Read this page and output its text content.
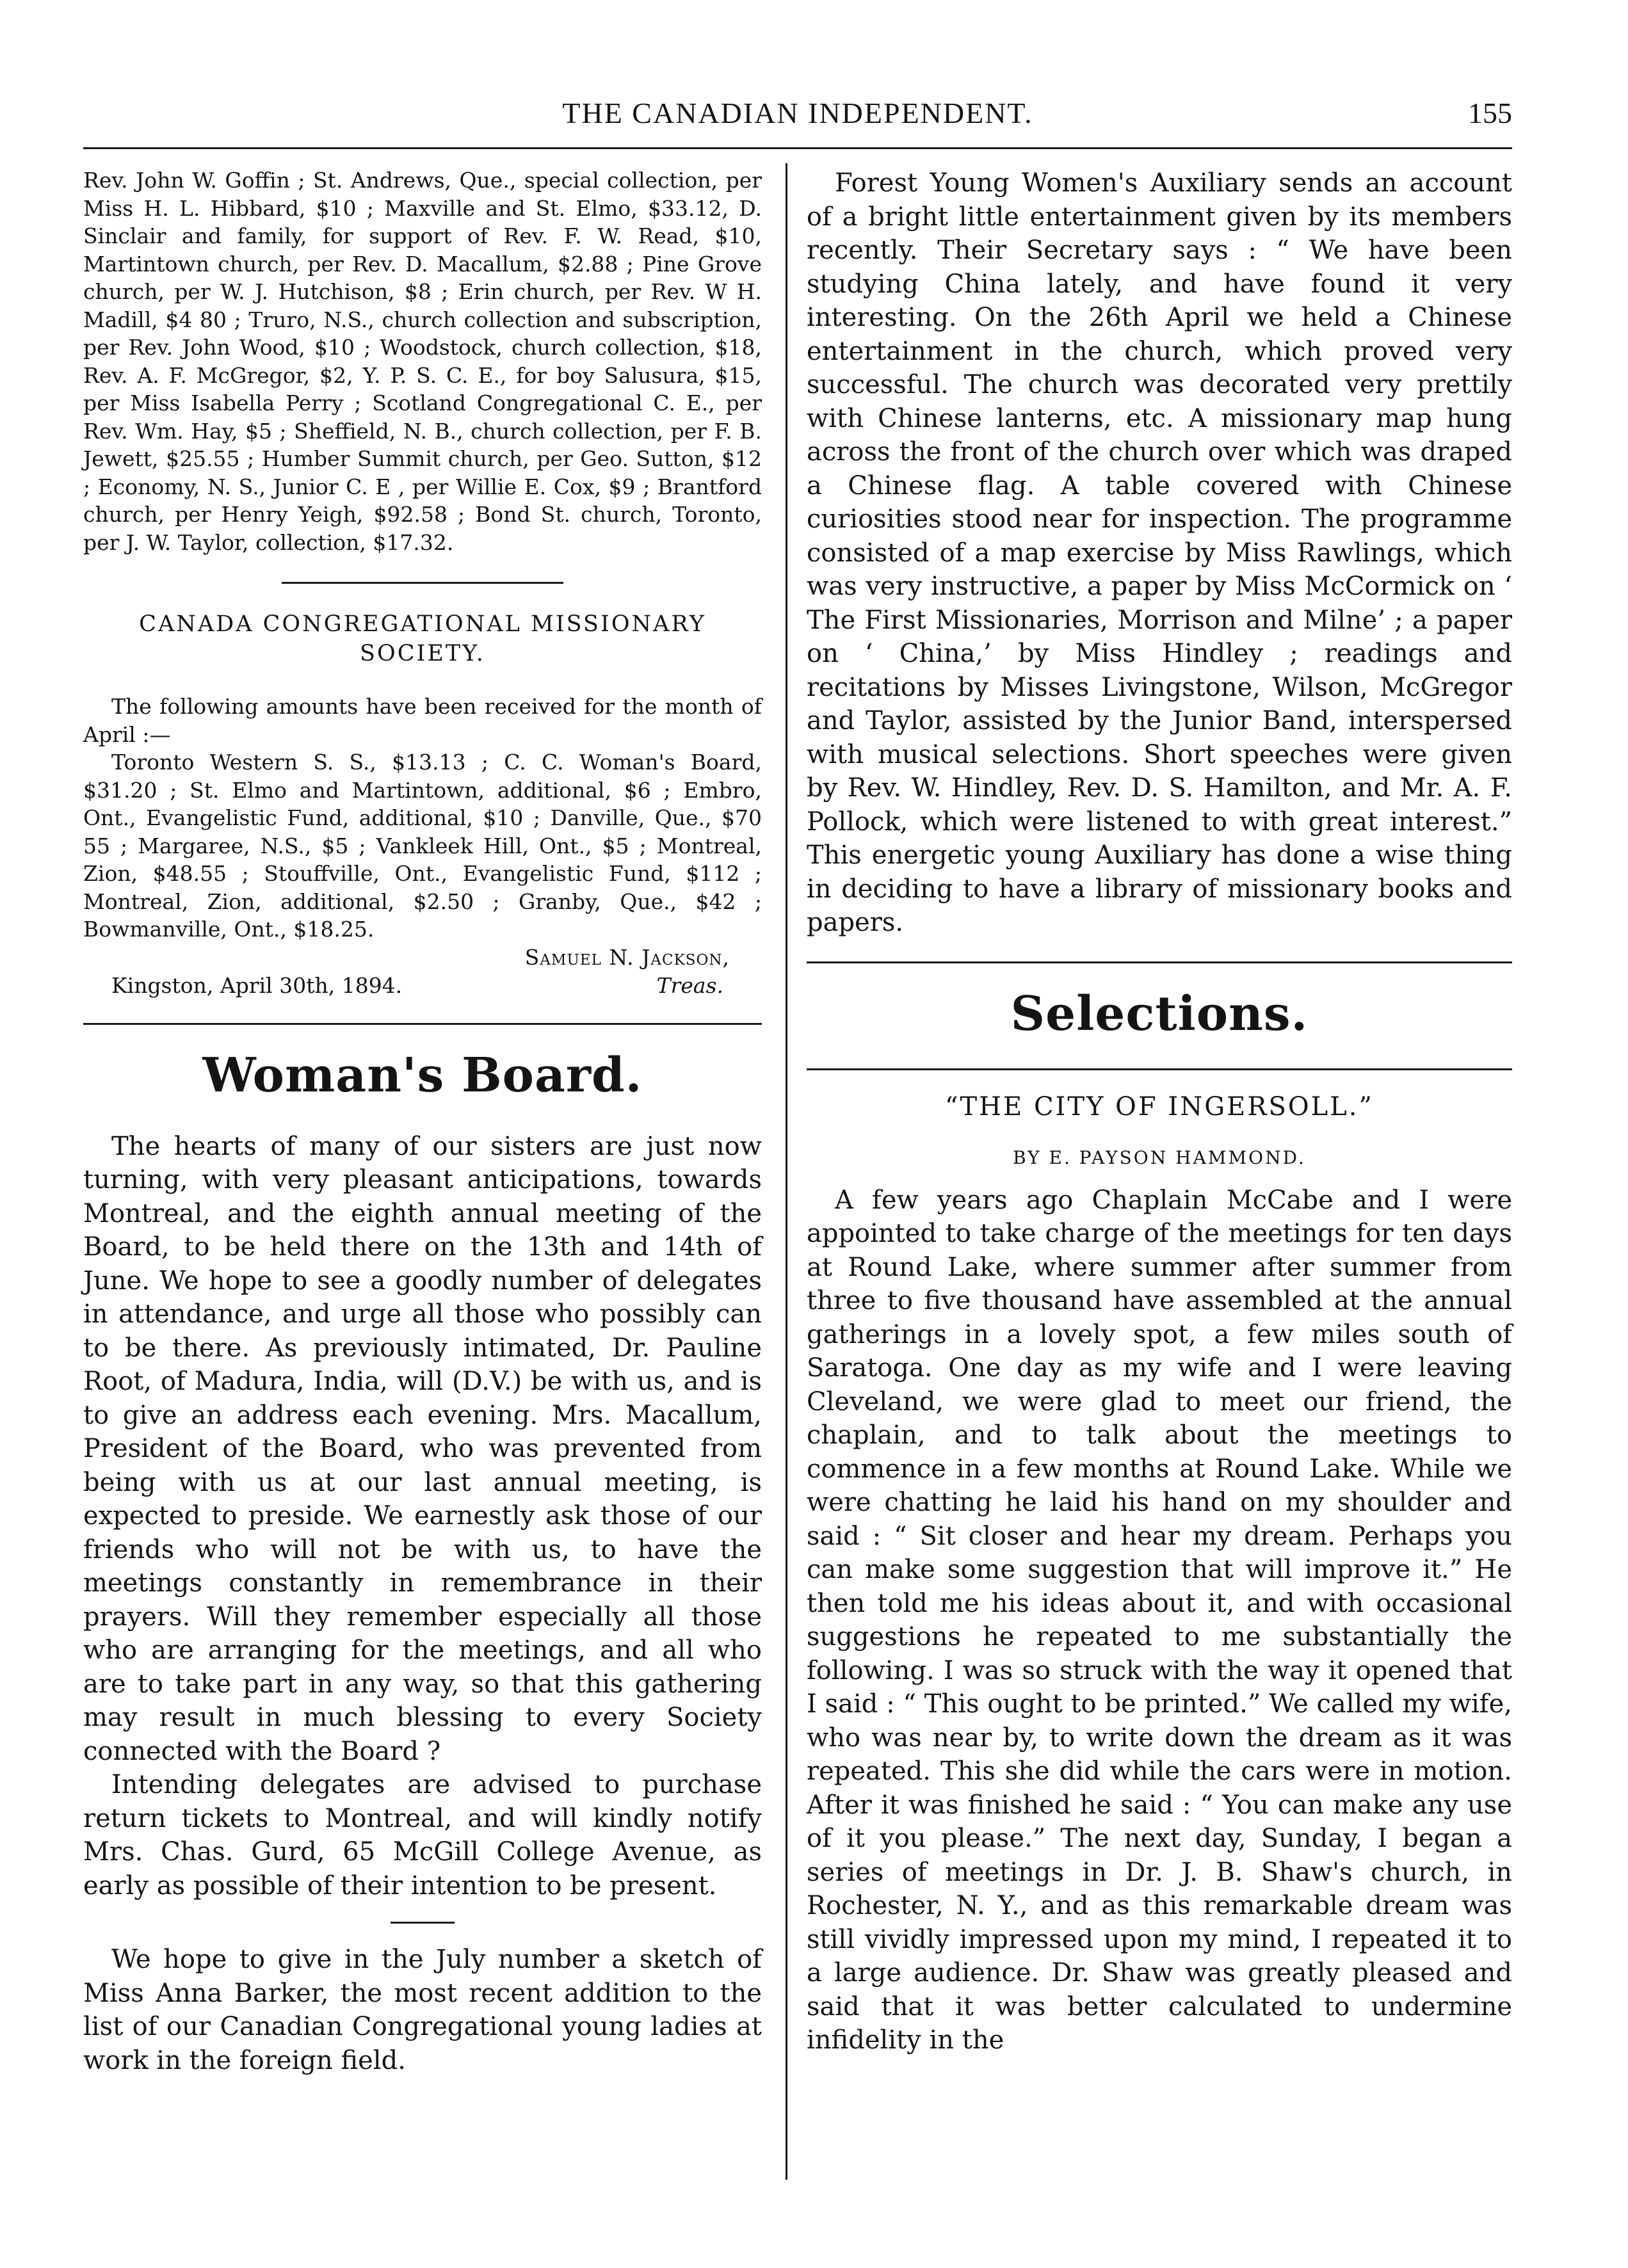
THE CANADIAN INDEPENDENT.	155

Rev. John W. Goffin ; St. Andrews, Que., special collection, per Miss H. L. Hibbard, $10 ; Maxville and St. Elmo, $33.12, D. Sinclair and family, for support of Rev. F. W. Read, $10, Martintown church, per Rev. D. Macallum, $2.88 ; Pine Grove church, per W. J. Hutchison, $8 ; Erin church, per Rev. W H. Madill, $4 80 ; Truro, N.S., church collection and subscription, per Rev. John Wood, $10 ; Woodstock, church collection, $18, Rev. A. F. McGregor, $2, Y. P. S. C. E., for boy Salusura, $15, per Miss Isabella Perry ; Scotland Congregational C. E., per Rev. Wm. Hay, $5 ; Sheffield, N. B., church collection, per F. B. Jewett, $25.55 ; Humber Summit church, per Geo. Sutton, $12 ; Economy, N. S., Junior C. E , per Willie E. Cox, $9 ; Brantford church, per Henry Yeigh, $92.58 ; Bond St. church, Toronto, per J. W. Taylor, collection, $17.32.

CANADA CONGREGATIONAL MISSIONARY
SOCIETY.

The following amounts have been received for the month of April :—

Toronto Western S. S., $13.13 ; C. C. Woman's Board, $31.20 ; St. Elmo and Martintown, additional, $6 ; Embro, Ont., Evangelistic Fund, additional, $10 ; Danville, Que., $70 55 ; Margaree, N.S., $5 ; Vankleek Hill, Ont., $5 ; Montreal, Zion, $48.55 ; Stouffville, Ont., Evangelistic Fund, $112 ; Montreal, Zion, additional, $2.50 ; Granby, Que., $42 ; Bowmanville, Ont., $18.25.

Samuel N. Jackson,
Kingston, April 30th, 1894.	Treas.
Woman's Board.

The hearts of many of our sisters are just now turning, with very pleasant anticipations, towards Montreal, and the eighth annual meeting of the Board, to be held there on the 13th and 14th of June. We hope to see a goodly number of delegates in attendance, and urge all those who possibly can to be there. As previously intimated, Dr. Pauline Root, of Madura, India, will (D.V.) be with us, and is to give an address each evening. Mrs. Macallum, President of the Board, who was prevented from being with us at our last annual meeting, is expected to preside. We earnestly ask those of our friends who will not be with us, to have the meetings constantly in remembrance in their prayers. Will they remember especially all those who are arranging for the meetings, and all who are to take part in any way, so that this gathering may result in much blessing to every Society connected with the Board ?

Intending delegates are advised to purchase return tickets to Montreal, and will kindly notify Mrs. Chas. Gurd, 65 McGill College Avenue, as early as possible of their intention to be present.

We hope to give in the July number a sketch of Miss Anna Barker, the most recent addition to the list of our Canadian Congregational young ladies at work in the foreign field.

Forest Young Women's Auxiliary sends an account of a bright little entertainment given by its members recently. Their Secretary says : “ We have been studying China lately, and have found it very interesting. On the 26th April we held a Chinese entertainment in the church, which proved very successful. The church was decorated very prettily with Chinese lanterns, etc. A missionary map hung across the front of the church over which was draped a Chinese flag. A table covered with Chinese curiosities stood near for inspection. The programme consisted of a map exercise by Miss Rawlings, which was very instructive, a paper by Miss McCormick on ‘ The First Missionaries, Morrison and Milne’ ; a paper on ‘ China,’ by Miss Hindley ; readings and recitations by Misses Livingstone, Wilson, McGregor and Taylor, assisted by the Junior Band, interspersed with musical selections. Short speeches were given by Rev. W. Hindley, Rev. D. S. Hamilton, and Mr. A. F. Pollock, which were listened to with great interest.” This energetic young Auxiliary has done a wise thing in deciding to have a library of missionary books and papers.

Selections.
“THE CITY OF INGERSOLL.”
BY E. PAYSON HAMMOND.

A few years ago Chaplain McCabe and I were appointed to take charge of the meetings for ten days at Round Lake, where summer after summer from three to five thousand have assembled at the annual gatherings in a lovely spot, a few miles south of Saratoga. One day as my wife and I were leaving Cleveland, we were glad to meet our friend, the chaplain, and to talk about the meetings to commence in a few months at Round Lake. While we were chatting he laid his hand on my shoulder and said : “ Sit closer and hear my dream. Perhaps you can make some suggestion that will improve it.” He then told me his ideas about it, and with occasional suggestions he repeated to me substantially the following. I was so struck with the way it opened that I said : “ This ought to be printed.” We called my wife, who was near by, to write down the dream as it was repeated. This she did while the cars were in motion. After it was finished he said : “ You can make any use of it you please.” The next day, Sunday, I began a series of meetings in Dr. J. B. Shaw's church, in Rochester, N. Y., and as this remarkable dream was still vividly impressed upon my mind, I repeated it to a large audience. Dr. Shaw was greatly pleased and said that it was better calculated to undermine infidelity in the
